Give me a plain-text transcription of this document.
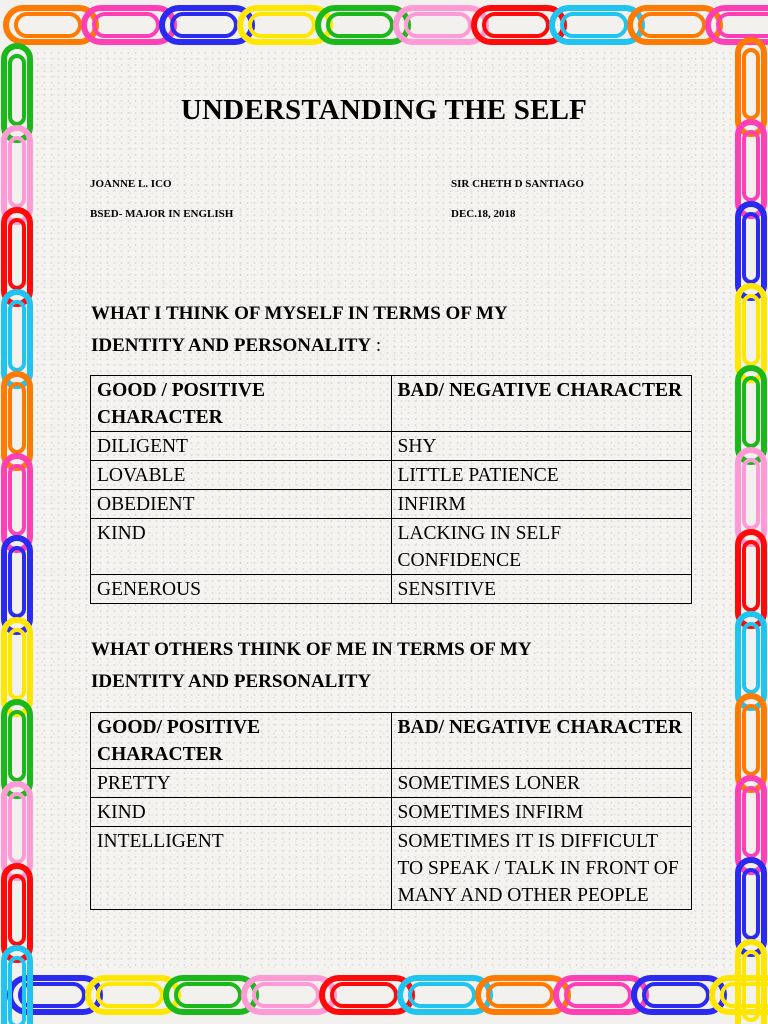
UNDERSTANDING THE SELF
JOANNE L. ICO
BSED- MAJOR IN ENGLISH
SIR CHETH D SANTIAGO
DEC.18, 2018
WHAT I THINK OF MYSELF IN TERMS OF MY
IDENTITY AND PERSONALITY :
GOOD / POSITIVE CHARACTER	BAD/ NEGATIVE CHARACTER
DILIGENT	SHY
LOVABLE	LITTLE PATIENCE
OBEDIENT	INFIRM
KIND	LACKING IN SELF CONFIDENCE
GENEROUS	SENSITIVE
WHAT OTHERS THINK OF ME IN TERMS OF MY
IDENTITY AND PERSONALITY
GOOD/ POSITIVE CHARACTER	BAD/ NEGATIVE CHARACTER
PRETTY	SOMETIMES LONER
KIND	SOMETIMES INFIRM
INTELLIGENT	SOMETIMES IT IS DIFFICULT TO SPEAK / TALK IN FRONT OF MANY AND OTHER PEOPLE
